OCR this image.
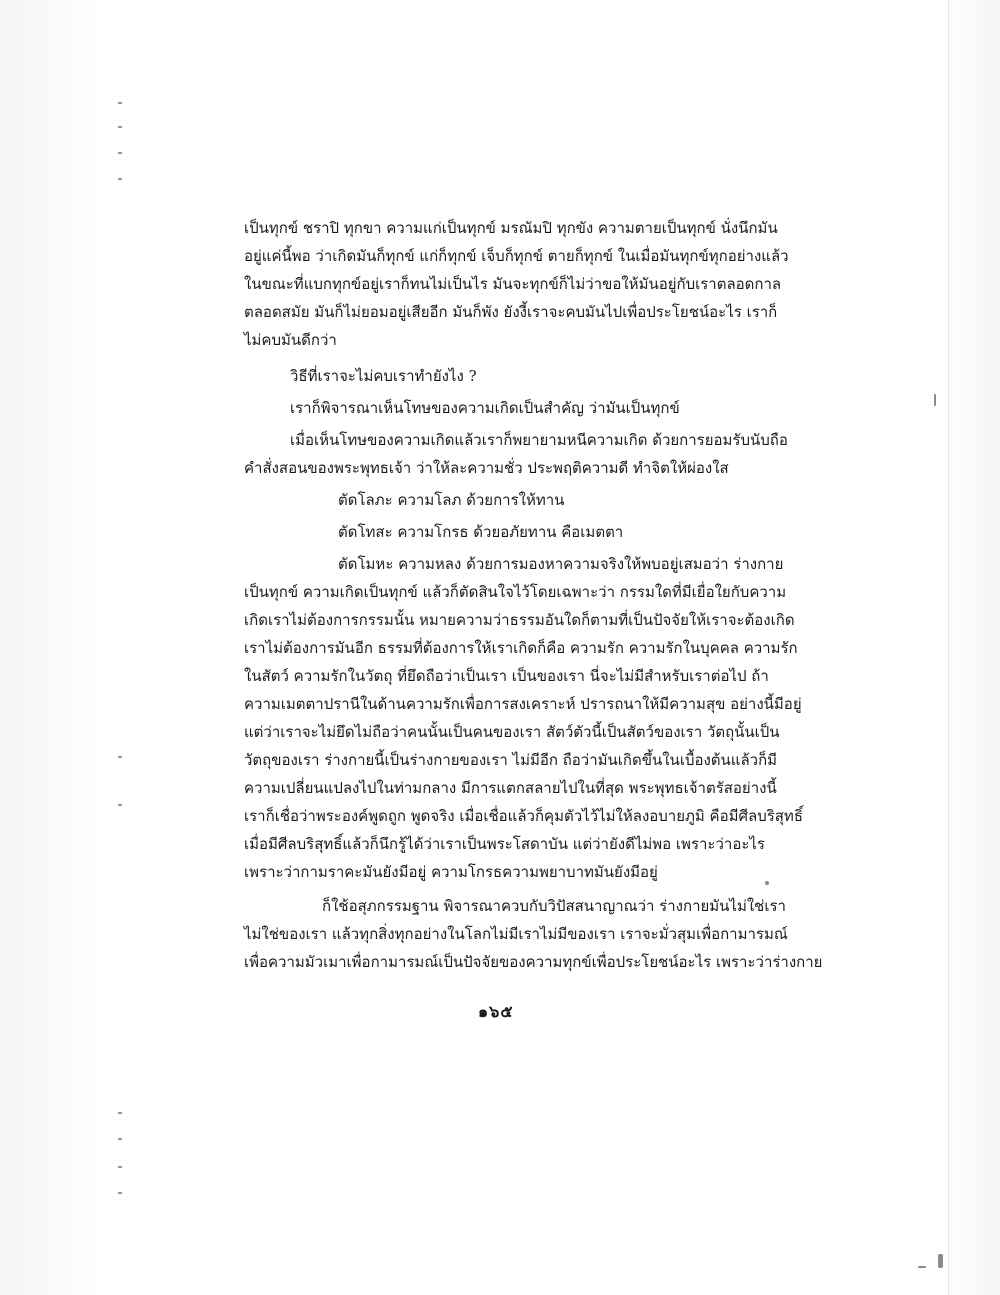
เป็นทุกข์ ชราปิ ทุกขา ความแก่เป็นทุกข์ มรณัมปิ ทุกขัง ความตายเป็นทุกข์ นั่งนึกมัน
อยู่แค่นี้พอ ว่าเกิดมันก็ทุกข์ แก่ก็ทุกข์ เจ็บก็ทุกข์ ตายก็ทุกข์ ในเมื่อมันทุกข์ทุกอย่างแล้ว
ในขณะที่แบกทุกข์อยู่เราก็ทนไม่เป็นไร มันจะทุกข์ก็ไม่ว่าขอให้มันอยู่กับเราตลอดกาล
ตลอดสมัย มันก็ไม่ยอมอยู่เสียอีก มันก็พัง ยังงี้เราจะคบมันไปเพื่อประโยชน์อะไร เราก็
ไม่คบมันดีกว่า
วิธีที่เราจะไม่คบเราทำยังไง ?
เราก็พิจารณาเห็นโทษของความเกิดเป็นสำคัญ ว่ามันเป็นทุกข์
เมื่อเห็นโทษของความเกิดแล้วเราก็พยายามหนีความเกิด ด้วยการยอมรับนับถือ
คำสั่งสอนของพระพุทธเจ้า ว่าให้ละความชั่ว ประพฤติความดี ทำจิตให้ผ่องใส
ตัดโลภะ ความโลภ ด้วยการให้ทาน
ตัดโทสะ ความโกรธ ด้วยอภัยทาน คือเมตตา
ตัดโมหะ ความหลง ด้วยการมองหาความจริงให้พบอยู่เสมอว่า ร่างกาย
เป็นทุกข์ ความเกิดเป็นทุกข์ แล้วก็ตัดสินใจไว้โดยเฉพาะว่า กรรมใดที่มีเยื่อใยกับความ
เกิดเราไม่ต้องการกรรมนั้น หมายความว่าธรรมอันใดก็ตามที่เป็นปัจจัยให้เราจะต้องเกิด
เราไม่ต้องการมันอีก ธรรมที่ต้องการให้เราเกิดก็คือ ความรัก ความรักในบุคคล ความรัก
ในสัตว์ ความรักในวัตถุ ที่ยึดถือว่าเป็นเรา เป็นของเรา นี่จะไม่มีสำหรับเราต่อไป ถ้า
ความเมตตาปรานีในด้านความรักเพื่อการสงเคราะห์ ปรารถนาให้มีความสุข อย่างนี้มีอยู่
แต่ว่าเราจะไม่ยึดไม่ถือว่าคนนั้นเป็นคนของเรา สัตว์ตัวนี้เป็นสัตว์ของเรา วัตถุนั้นเป็น
วัตถุของเรา ร่างกายนี้เป็นร่างกายของเรา ไม่มีอีก ถือว่ามันเกิดขึ้นในเบื้องต้นแล้วก็มี
ความเปลี่ยนแปลงไปในท่ามกลาง มีการแตกสลายไปในที่สุด พระพุทธเจ้าตรัสอย่างนี้
เราก็เชื่อว่าพระองค์พูดถูก พูดจริง เมื่อเชื่อแล้วก็คุมตัวไว้ไม่ให้ลงอบายภูมิ คือมีศีลบริสุทธิ์
เมื่อมีศีลบริสุทธิ์แล้วก็นึกรู้ได้ว่าเราเป็นพระโสดาบัน แต่ว่ายังดีไม่พอ เพราะว่าอะไร
เพราะว่ากามราคะมันยังมีอยู่ ความโกรธความพยาบาทมันยังมีอยู่
ก็ใช้อสุภกรรมฐาน พิจารณาควบกับวิปัสสนาญาณว่า ร่างกายมันไม่ใช่เรา
ไม่ใช่ของเรา แล้วทุกสิ่งทุกอย่างในโลกไม่มีเราไม่มีของเรา เราจะมั่วสุมเพื่อกามารมณ์
เพื่อความมัวเมาเพื่อกามารมณ์เป็นปัจจัยของความทุกข์เพื่อประโยชน์อะไร เพราะว่าร่างกาย
๑๖๕
